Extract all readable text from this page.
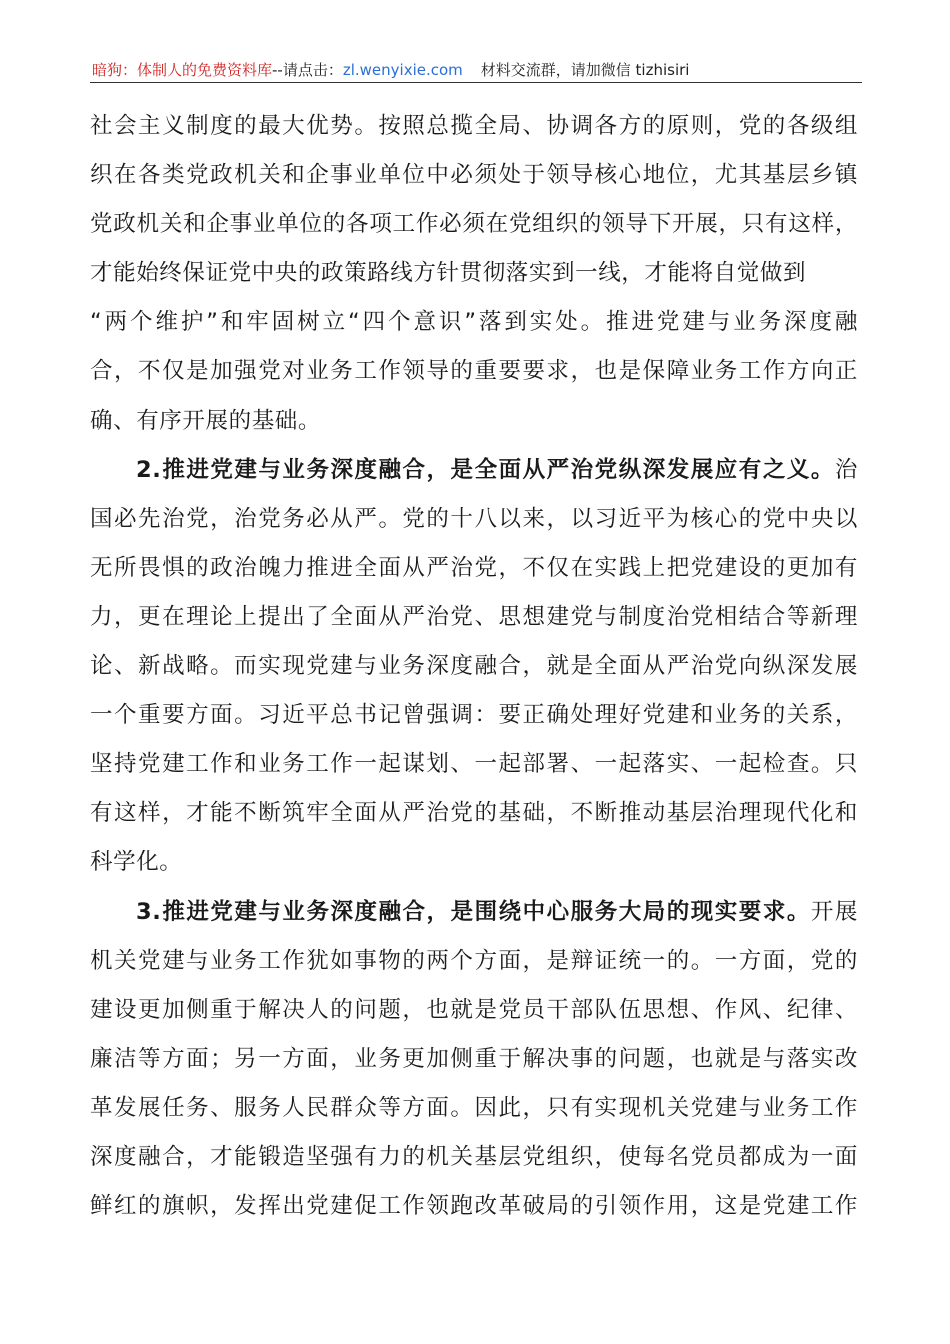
暗狗：体制人的免费资料库--请点击：zl.wenyixie.com 材料交流群，请加微信 tizhisiri
社会主义制度的最大优势。按照总揽全局、协调各方的原则，党的各级组
织在各类党政机关和企事业单位中必须处于领导核心地位，尤其基层乡镇
党政机关和企事业单位的各项工作必须在党组织的领导下开展，只有这样，
才能始终保证党中央的政策路线方针贯彻落实到一线，才能将自觉做到
“两个维护”和牢固树立“四个意识”落到实处。推进党建与业务深度融
合，不仅是加强党对业务工作领导的重要要求，也是保障业务工作方向正
确、有序开展的基础。
2.推进党建与业务深度融合，是全面从严治党纵深发展应有之义。治
国必先治党，治党务必从严。党的十八以来，以习近平为核心的党中央以
无所畏惧的政治魄力推进全面从严治党，不仅在实践上把党建设的更加有
力，更在理论上提出了全面从严治党、思想建党与制度治党相结合等新理
论、新战略。而实现党建与业务深度融合，就是全面从严治党向纵深发展
一个重要方面。习近平总书记曾强调：要正确处理好党建和业务的关系，
坚持党建工作和业务工作一起谋划、一起部署、一起落实、一起检查。只
有这样，才能不断筑牢全面从严治党的基础，不断推动基层治理现代化和
科学化。
3.推进党建与业务深度融合，是围绕中心服务大局的现实要求。开展
机关党建与业务工作犹如事物的两个方面，是辩证统一的。一方面，党的
建设更加侧重于解决人的问题，也就是党员干部队伍思想、作风、纪律、
廉洁等方面；另一方面，业务更加侧重于解决事的问题，也就是与落实改
革发展任务、服务人民群众等方面。因此，只有实现机关党建与业务工作
深度融合，才能锻造坚强有力的机关基层党组织，使每名党员都成为一面
鲜红的旗帜，发挥出党建促工作领跑改革破局的引领作用，这是党建工作
